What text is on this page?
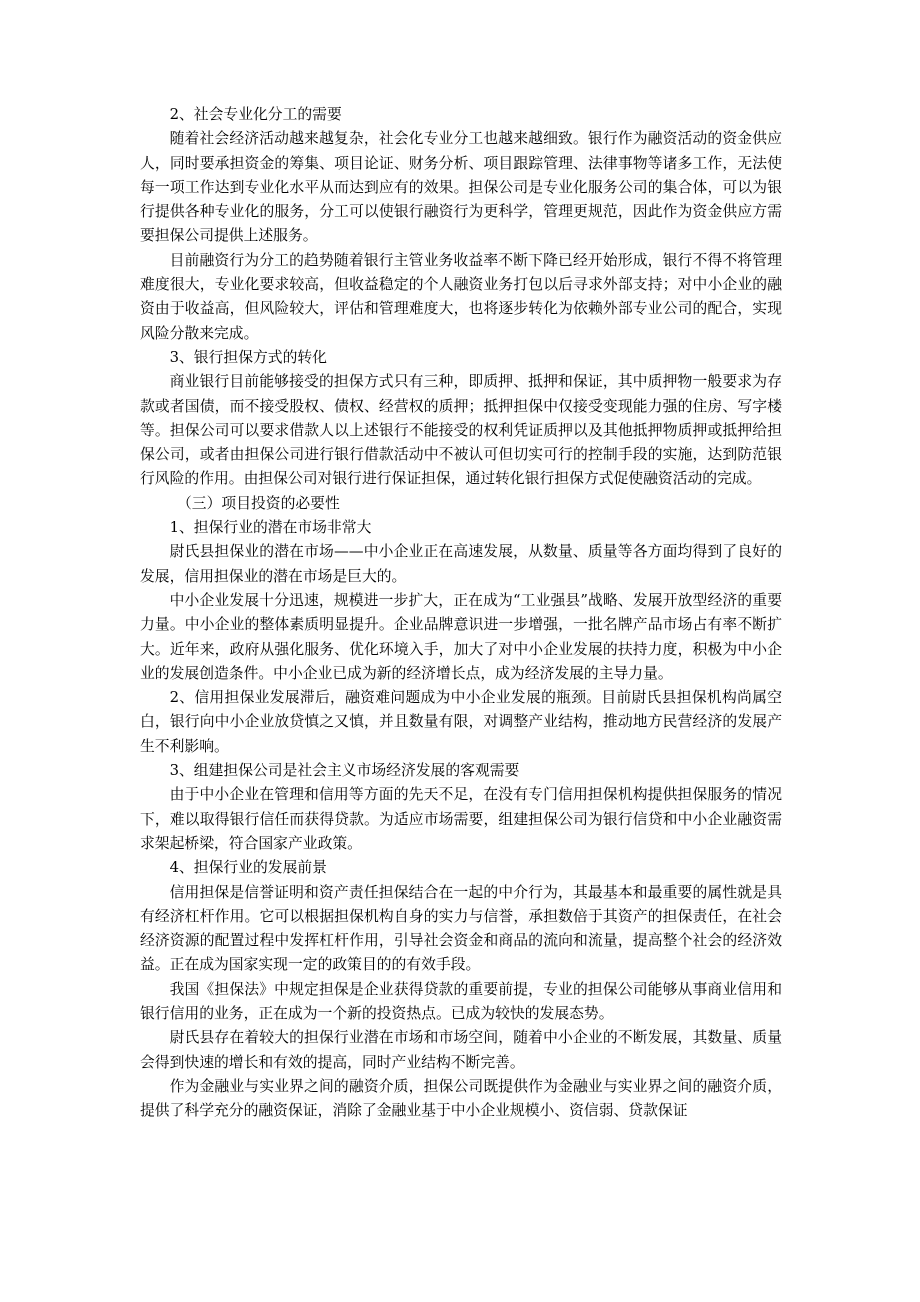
2、社会专业化分工的需要

随着社会经济活动越来越复杂，社会化专业分工也越来越细致。银行作为融资活动的资金供应人，同时要承担资金的筹集、项目论证、财务分析、项目跟踪管理、法律事物等诸多工作，无法使每一项工作达到专业化水平从而达到应有的效果。担保公司是专业化服务公司的集合体，可以为银行提供各种专业化的服务，分工可以使银行融资行为更科学，管理更规范，因此作为资金供应方需要担保公司提供上述服务。

目前融资行为分工的趋势随着银行主管业务收益率不断下降已经开始形成，银行不得不将管理难度很大，专业化要求较高，但收益稳定的个人融资业务打包以后寻求外部支持；对中小企业的融资由于收益高，但风险较大，评估和管理难度大，也将逐步转化为依赖外部专业公司的配合，实现风险分散来完成。

3、银行担保方式的转化

商业银行目前能够接受的担保方式只有三种，即质押、抵押和保证，其中质押物一般要求为存款或者国债，而不接受股权、债权、经营权的质押；抵押担保中仅接受变现能力强的住房、写字楼等。担保公司可以要求借款人以上述银行不能接受的权利凭证质押以及其他抵押物质押或抵押给担保公司，或者由担保公司进行银行借款活动中不被认可但切实可行的控制手段的实施，达到防范银行风险的作用。由担保公司对银行进行保证担保，通过转化银行担保方式促使融资活动的完成。

（三）项目投资的必要性

1、担保行业的潜在市场非常大

尉氏县担保业的潜在市场——中小企业正在高速发展，从数量、质量等各方面均得到了良好的发展，信用担保业的潜在市场是巨大的。

中小企业发展十分迅速，规模进一步扩大，正在成为“工业强县”战略、发展开放型经济的重要力量。中小企业的整体素质明显提升。企业品牌意识进一步增强，一批名牌产品市场占有率不断扩大。近年来，政府从强化服务、优化环境入手，加大了对中小企业发展的扶持力度，积极为中小企业的发展创造条件。中小企业已成为新的经济增长点，成为经济发展的主导力量。

2、信用担保业发展滞后，融资难问题成为中小企业发展的瓶颈。目前尉氏县担保机构尚属空白，银行向中小企业放贷慎之又慎，并且数量有限，对调整产业结构，推动地方民营经济的发展产生不利影响。

3、组建担保公司是社会主义市场经济发展的客观需要

由于中小企业在管理和信用等方面的先天不足，在没有专门信用担保机构提供担保服务的情况下，难以取得银行信任而获得贷款。为适应市场需要，组建担保公司为银行信贷和中小企业融资需求架起桥梁，符合国家产业政策。

4、担保行业的发展前景

信用担保是信誉证明和资产责任担保结合在一起的中介行为，其最基本和最重要的属性就是具有经济杠杆作用。它可以根据担保机构自身的实力与信誉，承担数倍于其资产的担保责任，在社会经济资源的配置过程中发挥杠杆作用，引导社会资金和商品的流向和流量，提高整个社会的经济效益。正在成为国家实现一定的政策目的的有效手段。

我国《担保法》中规定担保是企业获得贷款的重要前提，专业的担保公司能够从事商业信用和银行信用的业务，正在成为一个新的投资热点。已成为较快的发展态势。

尉氏县存在着较大的担保行业潜在市场和市场空间，随着中小企业的不断发展，其数量、质量会得到快速的增长和有效的提高，同时产业结构不断完善。

作为金融业与实业界之间的融资介质，担保公司既提供作为金融业与实业界之间的融资介质，提供了科学充分的融资保证，消除了金融业基于中小企业规模小、资信弱、贷款保证
